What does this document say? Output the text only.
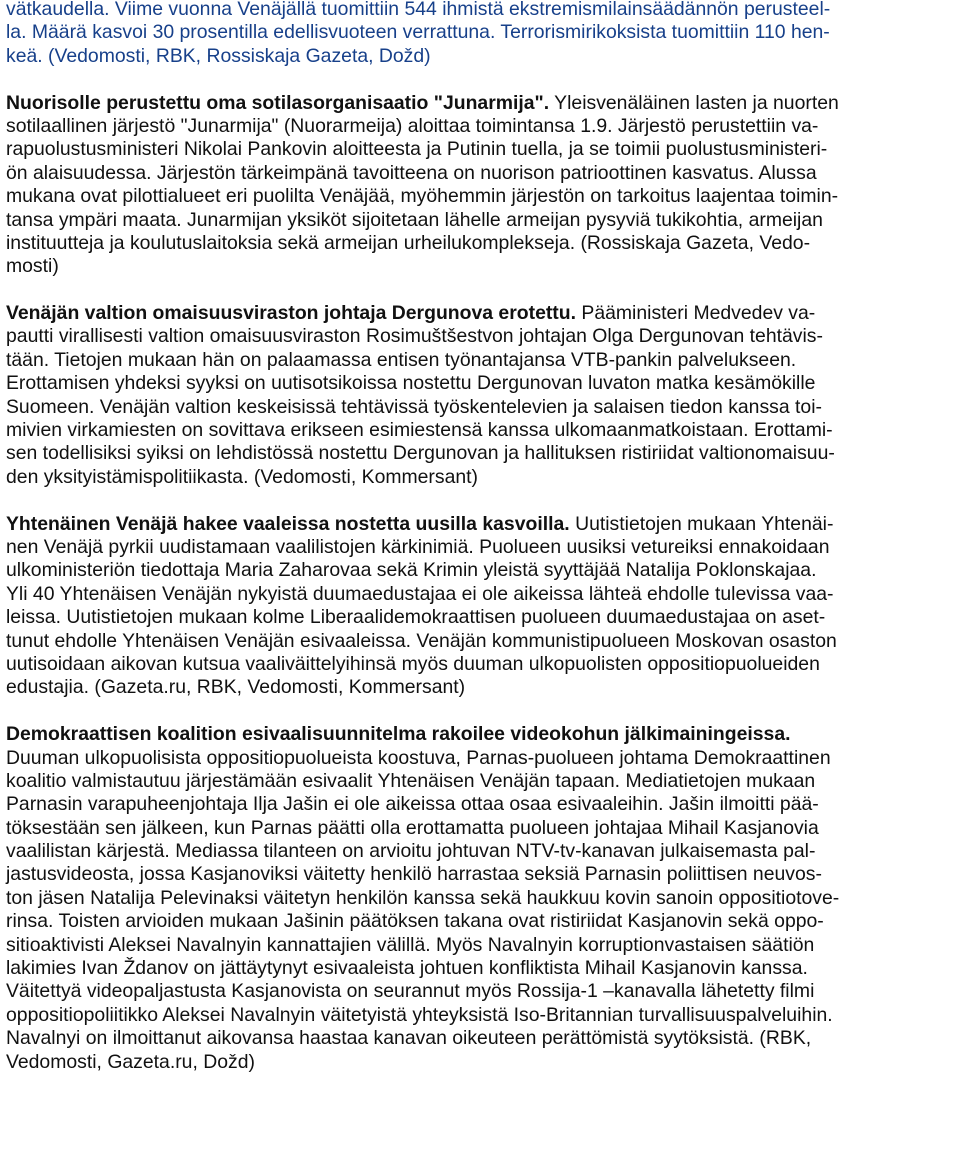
vätkaudella. Viime vuonna Venäjällä tuomittiin 544 ihmistä ekstremismilainsäädännön perusteel-
la. Määrä kasvoi 30 prosentilla edellisvuoteen verrattuna. Terrorismirikoksista tuomittiin 110 hen-
keä. (Vedomosti, RBK, Rossiskaja Gazeta, Dožd)
Nuorisolle perustettu oma sotilasorganisaatio "Junarmija". Yleisvenäläinen lasten ja nuorten
sotilaallinen järjestö "Junarmija" (Nuorarmeija) aloittaa toimintansa 1.9. Järjestö perustettiin va-
rapuolustusministeri Nikolai Pankovin aloitteesta ja Putinin tuella, ja se toimii puolustusministeri-
ön alaisuudessa. Järjestön tärkeimpänä tavoitteena on nuorison patrioottinen kasvatus. Alussa
mukana ovat pilottialueet eri puolilta Venäjää, myöhemmin järjestön on tarkoitus laajentaa toimin-
tansa ympäri maata. Junarmijan yksiköt sijoitetaan lähelle armeijan pysyviä tukikohtia, armeijan
instituutteja ja koulutuslaitoksia sekä armeijan urheilukomplekseja. (Rossiskaja Gazeta, Vedo-
mosti)
Venäjän valtion omaisuusviraston johtaja Dergunova erotettu. Pääministeri Medvedev va-
pautti virallisesti valtion omaisuusviraston Rosimuštšestvon johtajan Olga Dergunovan tehtävis-
tään. Tietojen mukaan hän on palaamassa entisen työnantajansa VTB-pankin palvelukseen.
Erottamisen yhdeksi syyksi on uutisotsikoissa nostettu Dergunovan luvaton matka kesämökille
Suomeen. Venäjän valtion keskeisissä tehtävissä työskentelevien ja salaisen tiedon kanssa toi-
mivien virkamiesten on sovittava erikseen esimiestensä kanssa ulkomaanmatkoistaan. Erottami-
sen todellisiksi syiksi on lehdistössä nostettu Dergunovan ja hallituksen ristiriidat valtionomaisuu-
den yksityistämispolitiikasta. (Vedomosti, Kommersant)
Yhtenäinen Venäjä hakee vaaleissa nostetta uusilla kasvoilla. Uutistietojen mukaan Yhtenäi-
nen Venäjä pyrkii uudistamaan vaalilistojen kärkinimiä. Puolueen uusiksi vetureiksi ennakoidaan
ulkoministeriön tiedottaja Maria Zaharovaa sekä Krimin yleistä syyttäjää Natalija Poklonskajaa.
Yli 40 Yhtenäisen Venäjän nykyistä duumaedustajaa ei ole aikeissa lähteä ehdolle tulevissa vaa-
leissa. Uutistietojen mukaan kolme Liberaalidemokraattisen puolueen duumaedustajaa on aset-
tunut ehdolle Yhtenäisen Venäjän esivaaleissa. Venäjän kommunistipuolueen Moskovan osaston
uutisoidaan aikovan kutsua vaaliväittelyihinsä myös duuman ulkopuolisten oppositiopuolueiden
edustajia. (Gazeta.ru, RBK, Vedomosti, Kommersant)
Demokraattisen koalition esivaalisuunnitelma rakoilee videokohun jälkimainingeissa.
Duuman ulkopuolisista oppositiopuolueista koostuva, Parnas-puolueen johtama Demokraattinen
koalitio valmistautuu järjestämään esivaalit Yhtenäisen Venäjän tapaan. Mediatietojen mukaan
Parnasin varapuheenjohtaja Ilja Jašin ei ole aikeissa ottaa osaa esivaaleihin. Jašin ilmoitti pää-
töksestään sen jälkeen, kun Parnas päätti olla erottamatta puolueen johtajaa Mihail Kasjanovia
vaalilistan kärjestä. Mediassa tilanteen on arvioitu johtuvan NTV-tv-kanavan julkaisemasta pal-
jastusvideosta, jossa Kasjanoviksi väitetty henkilö harrastaa seksiä Parnasin poliittisen neuvos-
ton jäsen Natalija Pelevinaksi väitetyn henkilön kanssa sekä haukkuu kovin sanoin oppositiotove-
rinsa. Toisten arvioiden mukaan Jašinin päätöksen takana ovat ristiriidat Kasjanovin sekä oppo-
sitioaktivisti Aleksei Navalnyin kannattajien välillä. Myös Navalnyin korruptionvastaisen säätiön
lakimies Ivan Ždanov on jättäytynyt esivaaleista johtuen konfliktista Mihail Kasjanovin kanssa.
Väitettyä videopaljastusta Kasjanovista on seurannut myös Rossija-1 –kanavalla lähetetty filmi
oppositiopoliitikko Aleksei Navalnyin väitetyistä yhteyksistä Iso-Britannian turvallisuuspalveluihin.
Navalnyi on ilmoittanut aikovansa haastaa kanavan oikeuteen perättömistä syytöksistä. (RBK,
Vedomosti, Gazeta.ru, Dožd)
